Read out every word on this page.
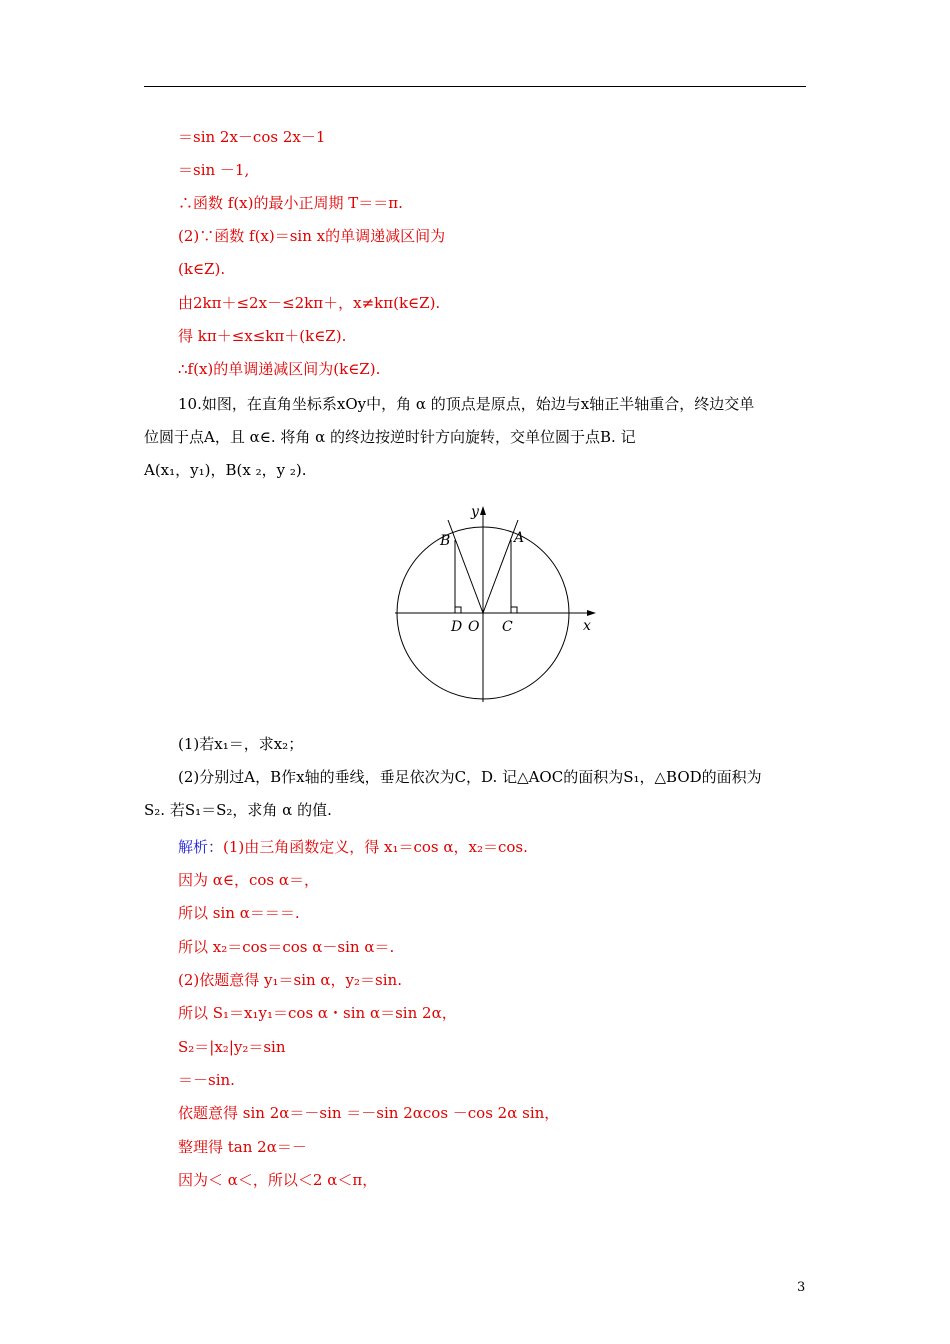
＝sin 2x－cos 2x－1
＝sin －1,
∴函数 f(x)的最小正周期 T＝＝π.
(2)∵函数 f(x)＝sin x的单调递减区间为
(k∈Z).
由2kπ＋≤2x－≤2kπ＋，x≠kπ(k∈Z).
得 kπ＋≤x≤kπ＋(k∈Z).
∴f(x)的单调递减区间为(k∈Z).
10.如图，在直角坐标系xOy中，角 α 的顶点是原点，始边与x轴正半轴重合，终边交单
位圆于点A，且 α∈. 将角 α 的终边按逆时针方向旋转，交单位圆于点B. 记
A(x₁，y₁)，B(x ₂，y ₂).
y
x
A
B
D O C
(1)若x₁＝，求x₂；
(2)分别过A，B作x轴的垂线，垂足依次为C，D. 记△AOC的面积为S₁，△BOD的面积为
S₂. 若S₁＝S₂，求角 α 的值.
解析：(1)由三角函数定义，得 x₁＝cos α，x₂＝cos.
因为 α∈，cos α＝，
所以 sin α＝＝＝.
所以 x₂＝cos＝cos α－sin α＝.
(2)依题意得 y₁＝sin α，y₂＝sin.
所以 S₁＝x₁y₁＝cos α・sin α＝sin 2α，
S₂＝|x₂|y₂＝sin
＝－sin.
依题意得 sin 2α＝－sin ＝－sin 2αcos －cos 2α sin，
整理得 tan 2α＝－
因为＜ α＜，所以＜2 α＜π，
3
